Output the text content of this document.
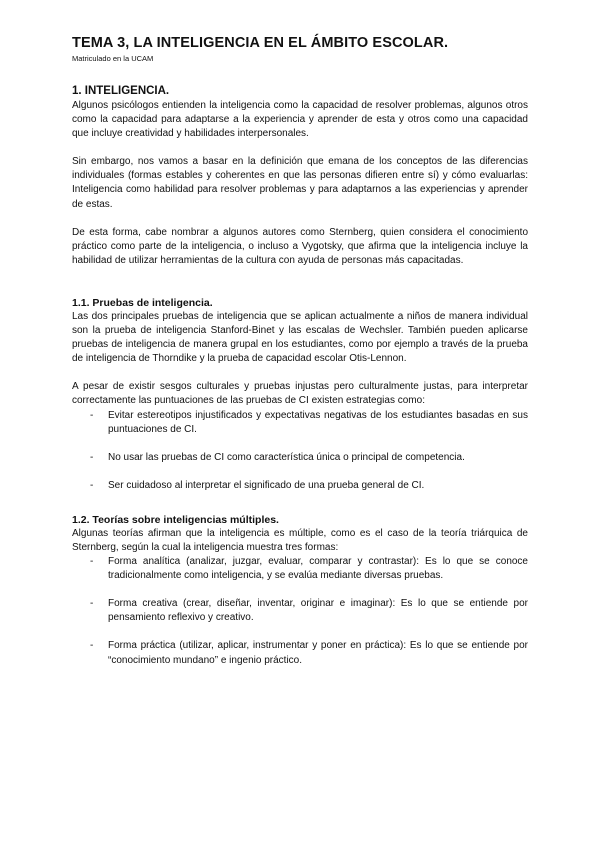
TEMA 3, LA INTELIGENCIA EN EL ÁMBITO ESCOLAR.
Matriculado en la UCAM
1. INTELIGENCIA.

Algunos psicólogos entienden la inteligencia como la capacidad de resolver problemas, algunos otros como la capacidad para adaptarse a la experiencia y aprender de esta y otros como una capacidad que incluye creatividad y habilidades interpersonales.

Sin embargo, nos vamos a basar en la definición que emana de los conceptos de las diferencias individuales (formas estables y coherentes en que las personas difieren entre sí) y cómo evaluarlas: Inteligencia como habilidad para resolver problemas y para adaptarnos a las experiencias y aprender de estas.

De esta forma, cabe nombrar a algunos autores como Sternberg, quien considera el conocimiento práctico como parte de la inteligencia, o incluso a Vygotsky, que afirma que la inteligencia incluye la habilidad de utilizar herramientas de la cultura con ayuda de personas más capacitadas.

1.1. Pruebas de inteligencia.

Las dos principales pruebas de inteligencia que se aplican actualmente a niños de manera individual son la prueba de inteligencia Stanford-Binet y las escalas de Wechsler. También pueden aplicarse pruebas de inteligencia de manera grupal en los estudiantes, como por ejemplo a través de la prueba de inteligencia de Thorndike y la prueba de capacidad escolar Otis-Lennon.

A pesar de existir sesgos culturales y pruebas injustas pero culturalmente justas, para interpretar correctamente las puntuaciones de las pruebas de CI existen estrategias como:

- Evitar estereotipos injustificados y expectativas negativas de los estudiantes basadas en sus puntuaciones de CI.
- No usar las pruebas de CI como característica única o principal de competencia.
- Ser cuidadoso al interpretar el significado de una prueba general de CI.
1.2. Teorías sobre inteligencias múltiples.

Algunas teorías afirman que la inteligencia es múltiple, como es el caso de la teoría triárquica de Sternberg, según la cual la inteligencia muestra tres formas:

- Forma analítica (analizar, juzgar, evaluar, comparar y contrastar): Es lo que se conoce tradicionalmente como inteligencia, y se evalúa mediante diversas pruebas.
- Forma creativa (crear, diseñar, inventar, originar e imaginar): Es lo que se entiende por pensamiento reflexivo y creativo.
- Forma práctica (utilizar, aplicar, instrumentar y poner en práctica): Es lo que se entiende por “conocimiento mundano” e ingenio práctico.
